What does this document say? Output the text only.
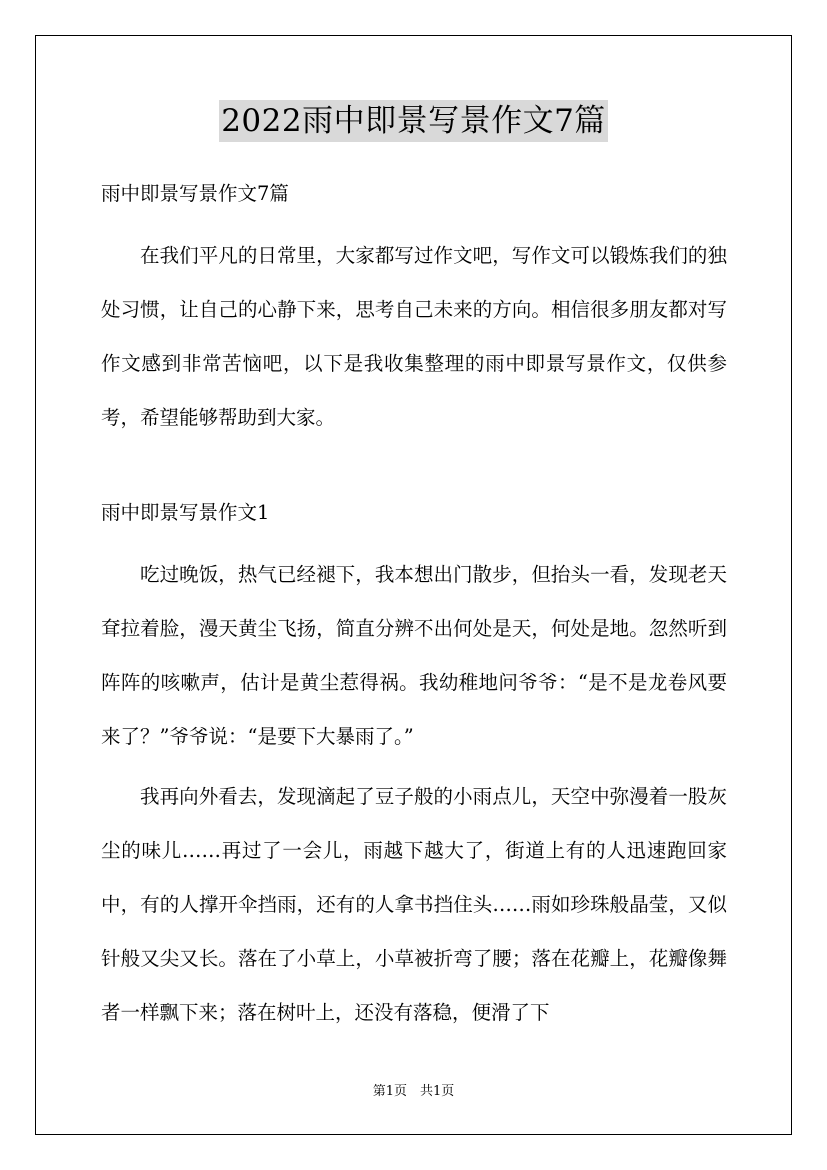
2022雨中即景写景作文7篇
雨中即景写景作文7篇
在我们平凡的日常里，大家都写过作文吧，写作文可以锻炼我们的独处习惯，让自己的心静下来，思考自己未来的方向。相信很多朋友都对写作文感到非常苦恼吧，以下是我收集整理的雨中即景写景作文，仅供参考，希望能够帮助到大家。
雨中即景写景作文1
吃过晚饭，热气已经褪下，我本想出门散步，但抬头一看，发现老天耷拉着脸，漫天黄尘飞扬，简直分辨不出何处是天，何处是地。忽然听到阵阵的咳嗽声，估计是黄尘惹得祸。我幼稚地问爷爷：“是不是龙卷风要来了？”爷爷说：“是要下大暴雨了。”
我再向外看去，发现滴起了豆子般的小雨点儿，天空中弥漫着一股灰尘的味儿……再过了一会儿，雨越下越大了，街道上有的人迅速跑回家中，有的人撑开伞挡雨，还有的人拿书挡住头……雨如珍珠般晶莹，又似针般又尖又长。落在了小草上，小草被折弯了腰；落在花瓣上，花瓣像舞者一样飘下来；落在树叶上，还没有落稳，便滑了下
第1页　共1页
